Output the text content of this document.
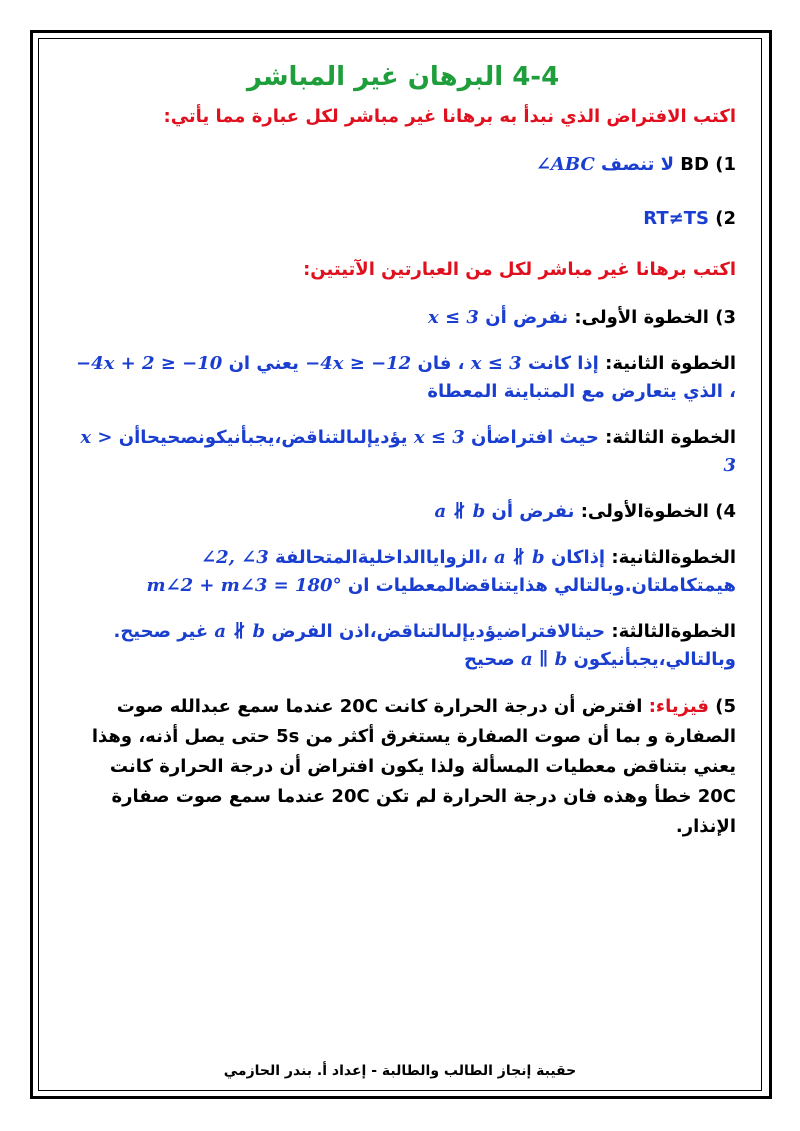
4-4 البرهان غير المباشر
اكتب الافتراض الذي نبدأ به برهانا غير مباشر لكل عبارة مما يأتي:
1) BD لا تنصف ∠ABC
2) RT≠TS
اكتب برهانا غير مباشر لكل من العبارتين الآتيتين:
3) الخطوة الأولى: نفرض أن x ≤ 3
الخطوة الثانية: إذا كانت x ≤ 3 ، فان −4x ≥ −12 يعني ان −4x + 2 ≥ −10 ، الذي يتعارض مع المتباينة المعطاة
الخطوة الثالثة: حيث افتراضأن x ≤ 3 يؤديإلىالتناقض،يجبأنيكونصحيحاأن x > 3
4) الخطوةالأولى: نفرض أن a ∦ b
الخطوةالثانية: إذاكان a ∦ b ،الزواياالداخليةالمتحالفة ∠2, ∠3 هيمتكاملتان.وبالتالي هذايتناقضالمعطيات ان m∠2 + m∠3 = 180°
الخطوةالثالثة: حيثالافتراضيؤديإلىالتناقض،اذن الفرض a ∦ b غير صحيح.
وبالتالي،يجبأنيكون a ∥ b صحيح
5) فيزياء: افترض أن درجة الحرارة كانت 20C عندما سمع عبدالله صوت الصفارة و بما أن صوت الصفارة يستغرق أكثر من 5s حتى يصل أذنه، وهذا يعني بتناقض معطيات المسألة ولذا يكون افتراض أن درجة الحرارة كانت 20C خطأ وهذه فان درجة الحرارة لم تكن 20C عندما سمع صوت صفارة الإنذار.
حقيبة إنجاز الطالب والطالبة - إعداد أ. بندر الحازمي
